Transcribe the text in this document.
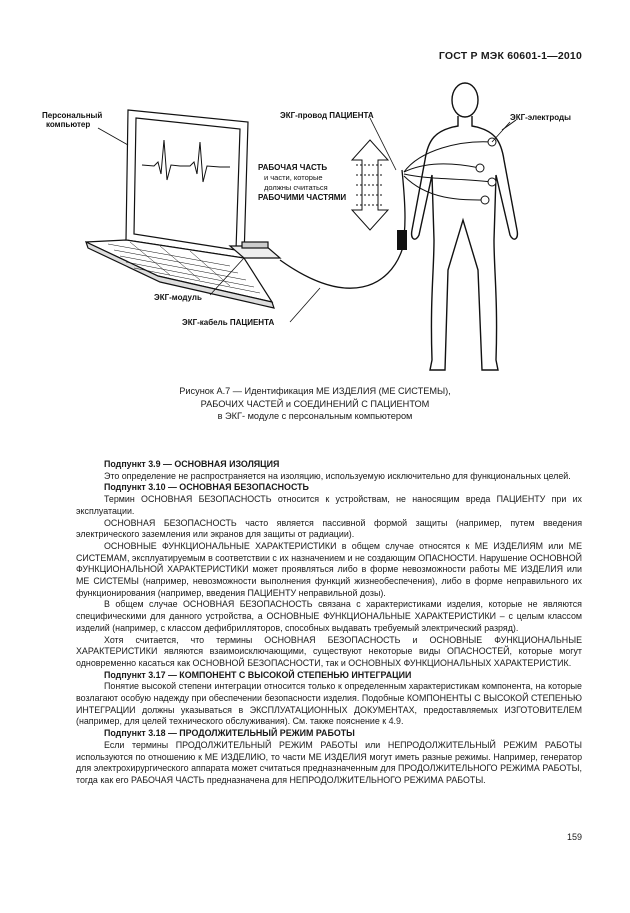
ГОСТ Р МЭК 60601-1—2010
Персональный
компьютер
ЭКГ-провод ПАЦИЕНТА	ЭКГ-электроды
РАБОЧАЯ ЧАСТЬ
и части, которые
должны считаться
РАБОЧИМИ ЧАСТЯМИ
ЭКГ-модуль
ЭКГ-кабель ПАЦИЕНТА
Рисунок А.7 — Идентификация МЕ ИЗДЕЛИЯ (МЕ СИСТЕМЫ),
РАБОЧИХ ЧАСТЕЙ и СОЕДИНЕНИЙ С ПАЦИЕНТОМ
в ЭКГ- модуле с персональным компьютером

Подпункт 3.9 — ОСНОВНАЯ ИЗОЛЯЦИЯ

Это определение не распространяется на изоляцию, используемую исключительно для функциональных целей.

Подпункт 3.10 — ОСНОВНАЯ БЕЗОПАСНОСТЬ

Термин ОСНОВНАЯ БЕЗОПАСНОСТЬ относится к устройствам, не наносящим вреда ПАЦИЕНТУ при их эксплуатации.

ОСНОВНАЯ БЕЗОПАСНОСТЬ часто является пассивной формой защиты (например, путем введения электрического заземления или экранов для защиты от радиации).

ОСНОВНЫЕ ФУНКЦИОНАЛЬНЫЕ ХАРАКТЕРИСТИКИ в общем случае относятся к МЕ ИЗДЕЛИЯМ или МЕ СИСТЕМАМ, эксплуатируемым в соответствии с их назначением и не создающим ОПАСНОСТИ. Нарушение ОСНОВНОЙ ФУНКЦИОНАЛЬНОЙ ХАРАКТЕРИСТИКИ может проявляться либо в форме невозможности работы МЕ ИЗДЕЛИЯ или МЕ СИСТЕМЫ (например, невозможности выполнения функций жизнеобеспечения), либо в форме неправильного их функционирования (например, введения ПАЦИЕНТУ неправильной дозы).

В общем случае ОСНОВНАЯ БЕЗОПАСНОСТЬ связана с характеристиками изделия, которые не являются специфическими для данного устройства, а ОСНОВНЫЕ ФУНКЦИОНАЛЬНЫЕ ХАРАКТЕРИСТИКИ – с целым классом изделий (например, с классом дефибрилляторов, способных выдавать требуемый электрический разряд).

Хотя считается, что термины ОСНОВНАЯ БЕЗОПАСНОСТЬ и ОСНОВНЫЕ ФУНКЦИОНАЛЬНЫЕ ХАРАКТЕРИСТИКИ являются взаимоисключающими, существуют некоторые виды ОПАСНОСТЕЙ, которые могут одновременно касаться как ОСНОВНОЙ БЕЗОПАСНОСТИ, так и ОСНОВНЫХ ФУНКЦИОНАЛЬНЫХ ХАРАКТЕРИСТИК.

Подпункт 3.17 — КОМПОНЕНТ С ВЫСОКОЙ СТЕПЕНЬЮ ИНТЕГРАЦИИ

Понятие высокой степени интеграции относится только к определенным характеристикам компонента, на которые возлагают особую надежду при обеспечении безопасности изделия. Подобные КОМПОНЕНТЫ С ВЫСОКОЙ СТЕПЕНЬЮ ИНТЕГРАЦИИ должны указываться в ЭКСПЛУАТАЦИОННЫХ ДОКУМЕНТАХ, предоставляемых ИЗГОТОВИТЕЛЕМ (например, для целей технического обслуживания). См. также пояснение к 4.9.

Подпункт 3.18 — ПРОДОЛЖИТЕЛЬНЫЙ РЕЖИМ РАБОТЫ

Если термины ПРОДОЛЖИТЕЛЬНЫЙ РЕЖИМ РАБОТЫ или НЕПРОДОЛЖИТЕЛЬНЫЙ РЕЖИМ РАБОТЫ используются по отношению к МЕ ИЗДЕЛИЮ, то части МЕ ИЗДЕЛИЯ могут иметь разные режимы. Например, генератор для электрохирургического аппарата может считаться предназначенным для ПРОДОЛЖИТЕЛЬНОГО РЕЖИМА РАБОТЫ, тогда как его РАБОЧАЯ ЧАСТЬ предназначена для НЕПРОДОЛЖИТЕЛЬНОГО РЕЖИМА РАБОТЫ.

159
